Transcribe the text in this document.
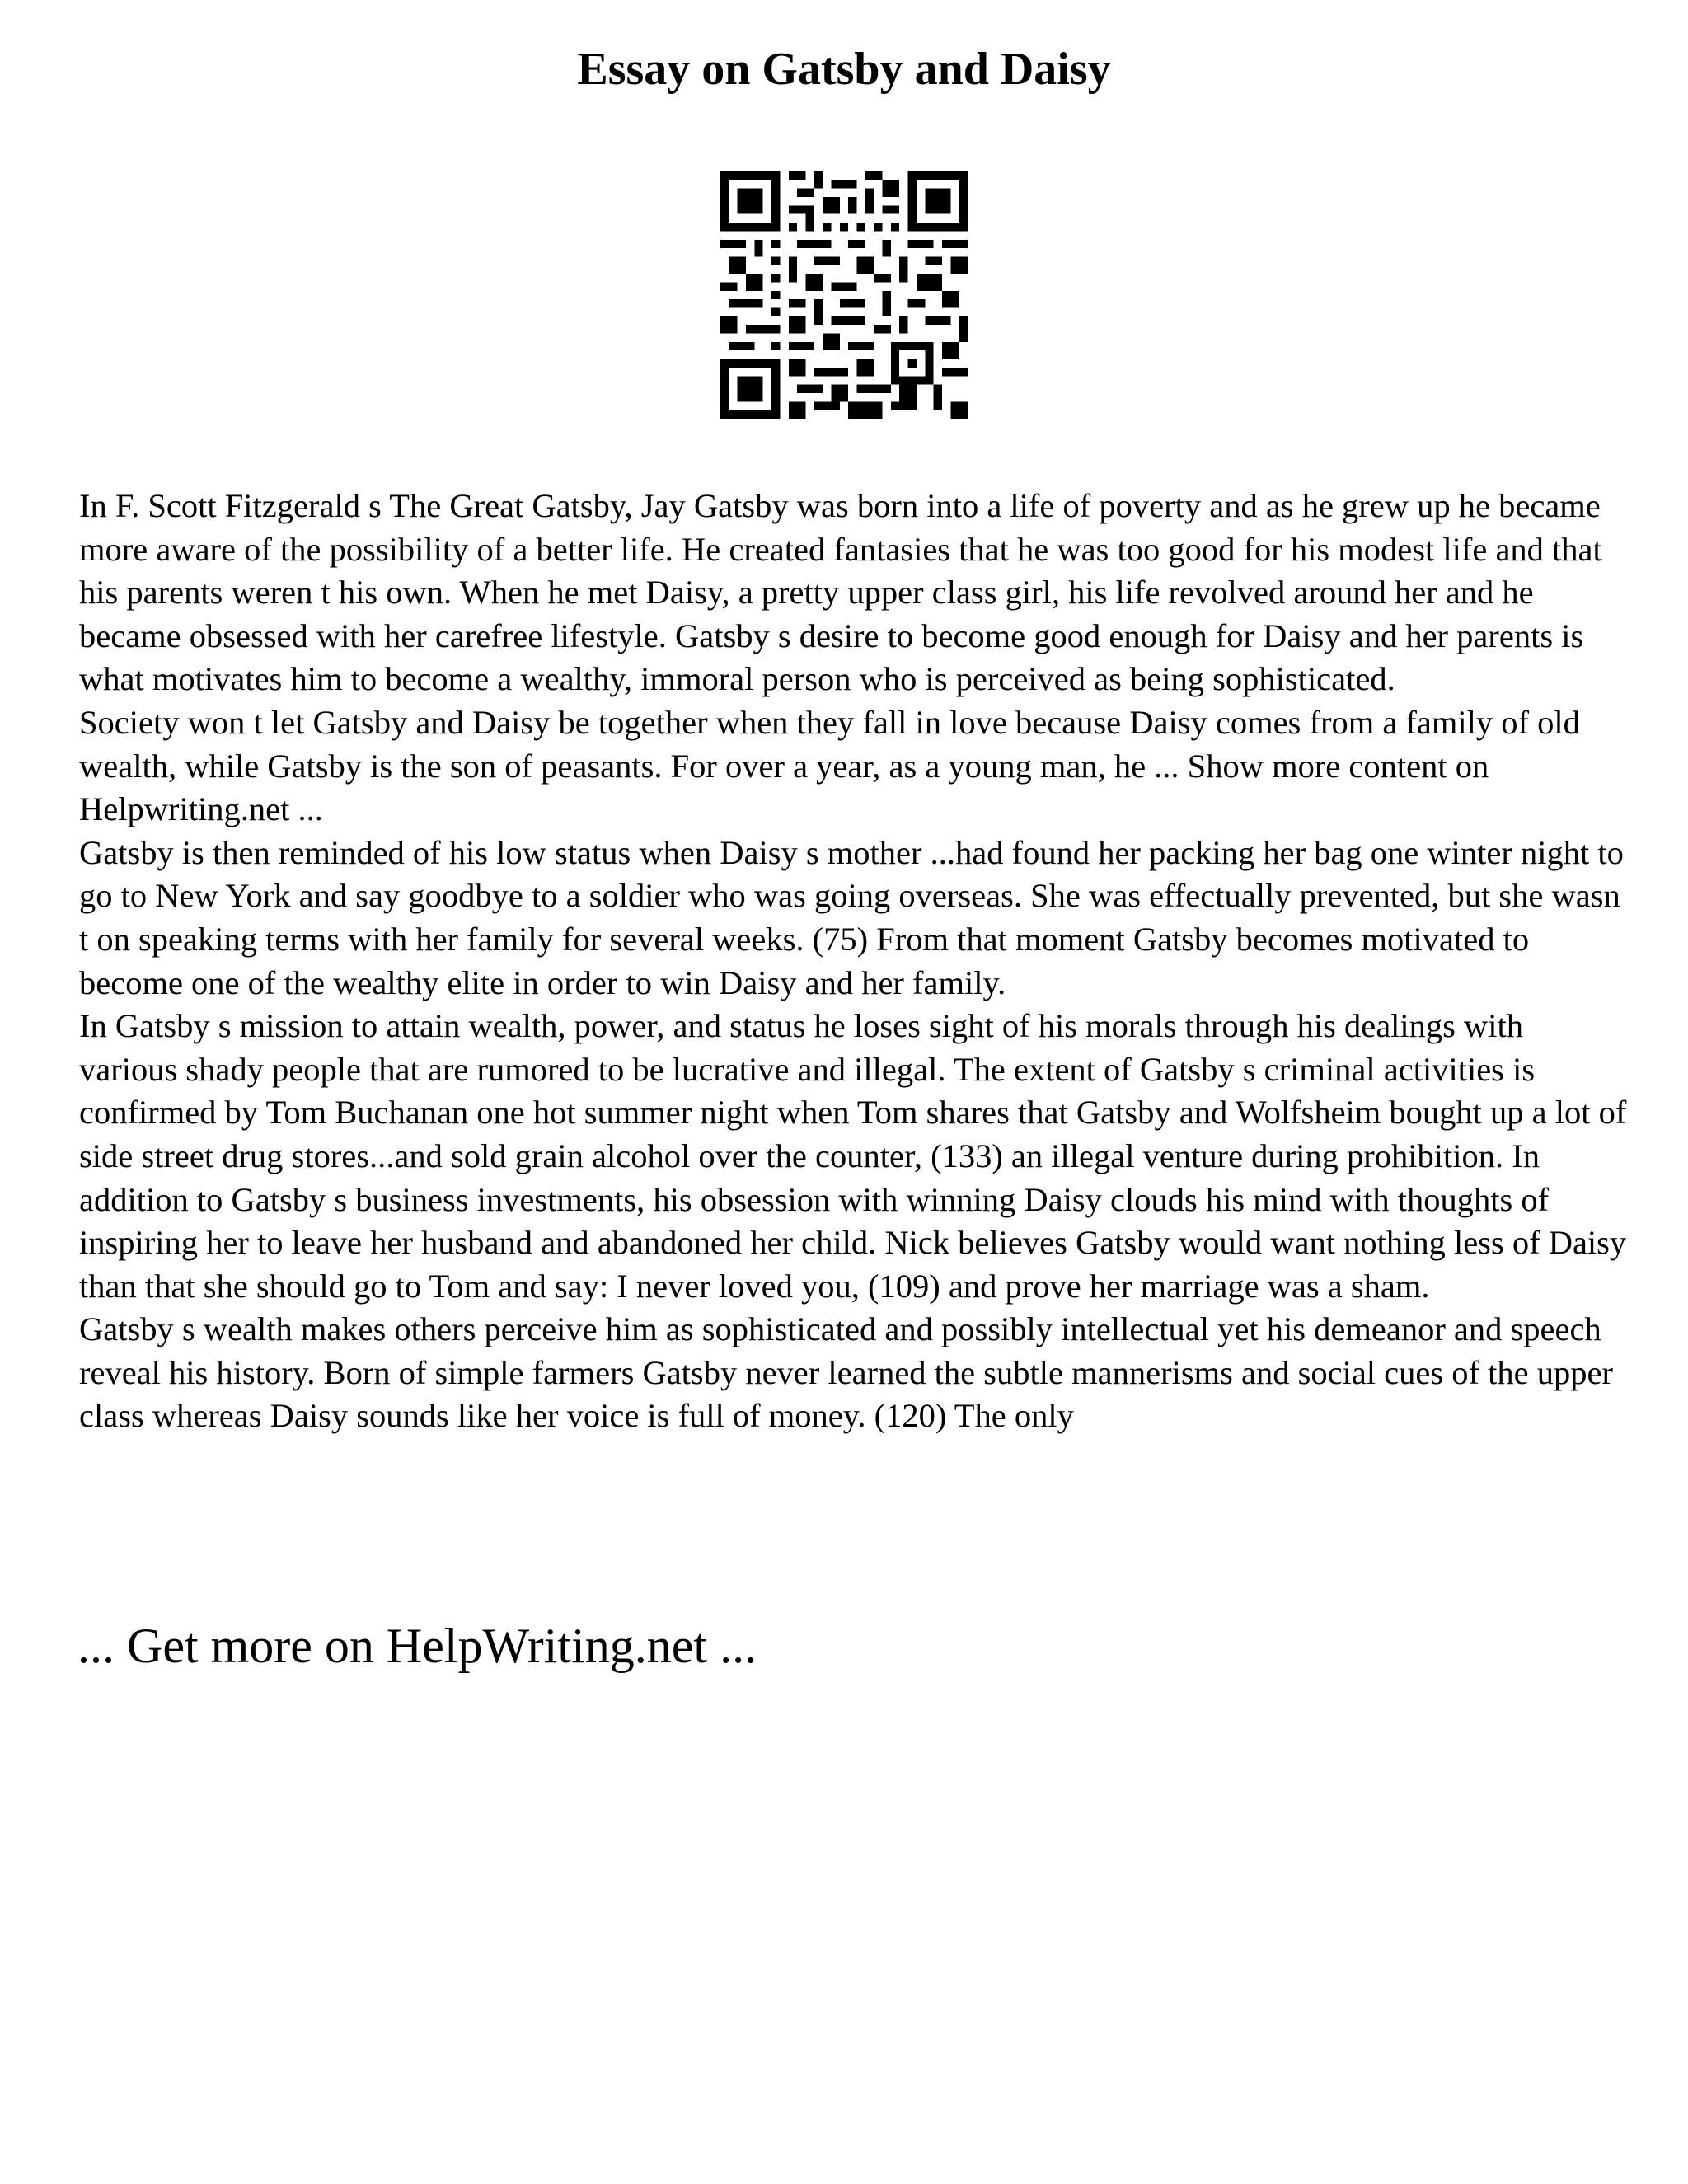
Essay on Gatsby and Daisy

In F. Scott Fitzgerald s The Great Gatsby, Jay Gatsby was born into a life of poverty and as he grew up he became more aware of the possibility of a better life. He created fantasies that he was too good for his modest life and that his parents weren t his own. When he met Daisy, a pretty upper class girl, his life revolved around her and he became obsessed with her carefree lifestyle. Gatsby s desire to become good enough for Daisy and her parents is what motivates him to become a wealthy, immoral person who is perceived as being sophisticated.

Society won t let Gatsby and Daisy be together when they fall in love because Daisy comes from a family of old wealth, while Gatsby is the son of peasants. For over a year, as a young man, he ... Show more content on Helpwriting.net ...

Gatsby is then reminded of his low status when Daisy s mother ...had found her packing her bag one winter night to go to New York and say goodbye to a soldier who was going overseas. She was effectually prevented, but she wasn t on speaking terms with her family for several weeks. (75) From that moment Gatsby becomes motivated to become one of the wealthy elite in order to win Daisy and her family.

In Gatsby s mission to attain wealth, power, and status he loses sight of his morals through his dealings with various shady people that are rumored to be lucrative and illegal. The extent of Gatsby s criminal activities is confirmed by Tom Buchanan one hot summer night when Tom shares that Gatsby and Wolfsheim bought up a lot of side street drug stores...and sold grain alcohol over the counter, (133) an illegal venture during prohibition. In addition to Gatsby s business investments, his obsession with winning Daisy clouds his mind with thoughts of inspiring her to leave her husband and abandoned her child. Nick believes Gatsby would want nothing less of Daisy than that she should go to Tom and say: I never loved you, (109) and prove her marriage was a sham.

Gatsby s wealth makes others perceive him as sophisticated and possibly intellectual yet his demeanor and speech reveal his history. Born of simple farmers Gatsby never learned the subtle mannerisms and social cues of the upper class whereas Daisy sounds like her voice is full of money. (120) The only

... Get more on HelpWriting.net ...
